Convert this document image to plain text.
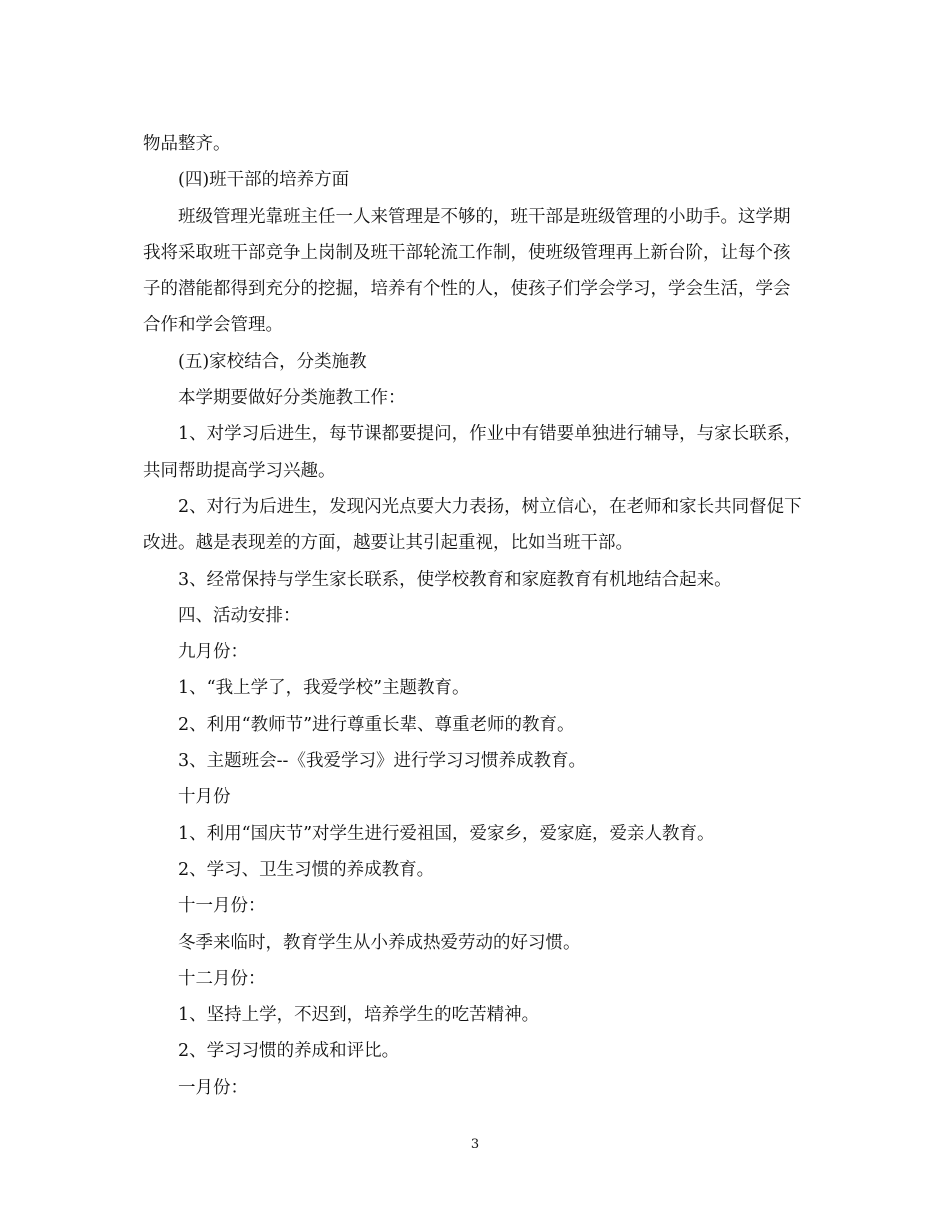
物品整齐。

(四)班干部的培养方面

班级管理光靠班主任一人来管理是不够的，班干部是班级管理的小助手。这学期我将采取班干部竞争上岗制及班干部轮流工作制，使班级管理再上新台阶，让每个孩子的潜能都得到充分的挖掘，培养有个性的人，使孩子们学会学习，学会生活，学会合作和学会管理。

(五)家校结合，分类施教

本学期要做好分类施教工作：

1、对学习后进生，每节课都要提问，作业中有错要单独进行辅导，与家长联系，共同帮助提高学习兴趣。

2、对行为后进生，发现闪光点要大力表扬，树立信心，在老师和家长共同督促下改进。越是表现差的方面，越要让其引起重视，比如当班干部。

3、经常保持与学生家长联系，使学校教育和家庭教育有机地结合起来。

四、活动安排：

九月份：

1、“我上学了，我爱学校”主题教育。

2、利用“教师节”进行尊重长辈、尊重老师的教育。

3、主题班会--《我爱学习》进行学习习惯养成教育。

十月份

1、利用“国庆节”对学生进行爱祖国，爱家乡，爱家庭，爱亲人教育。

2、学习、卫生习惯的养成教育。

十一月份：

冬季来临时，教育学生从小养成热爱劳动的好习惯。

十二月份：

1、坚持上学，不迟到，培养学生的吃苦精神。

2、学习习惯的养成和评比。

一月份：

3
